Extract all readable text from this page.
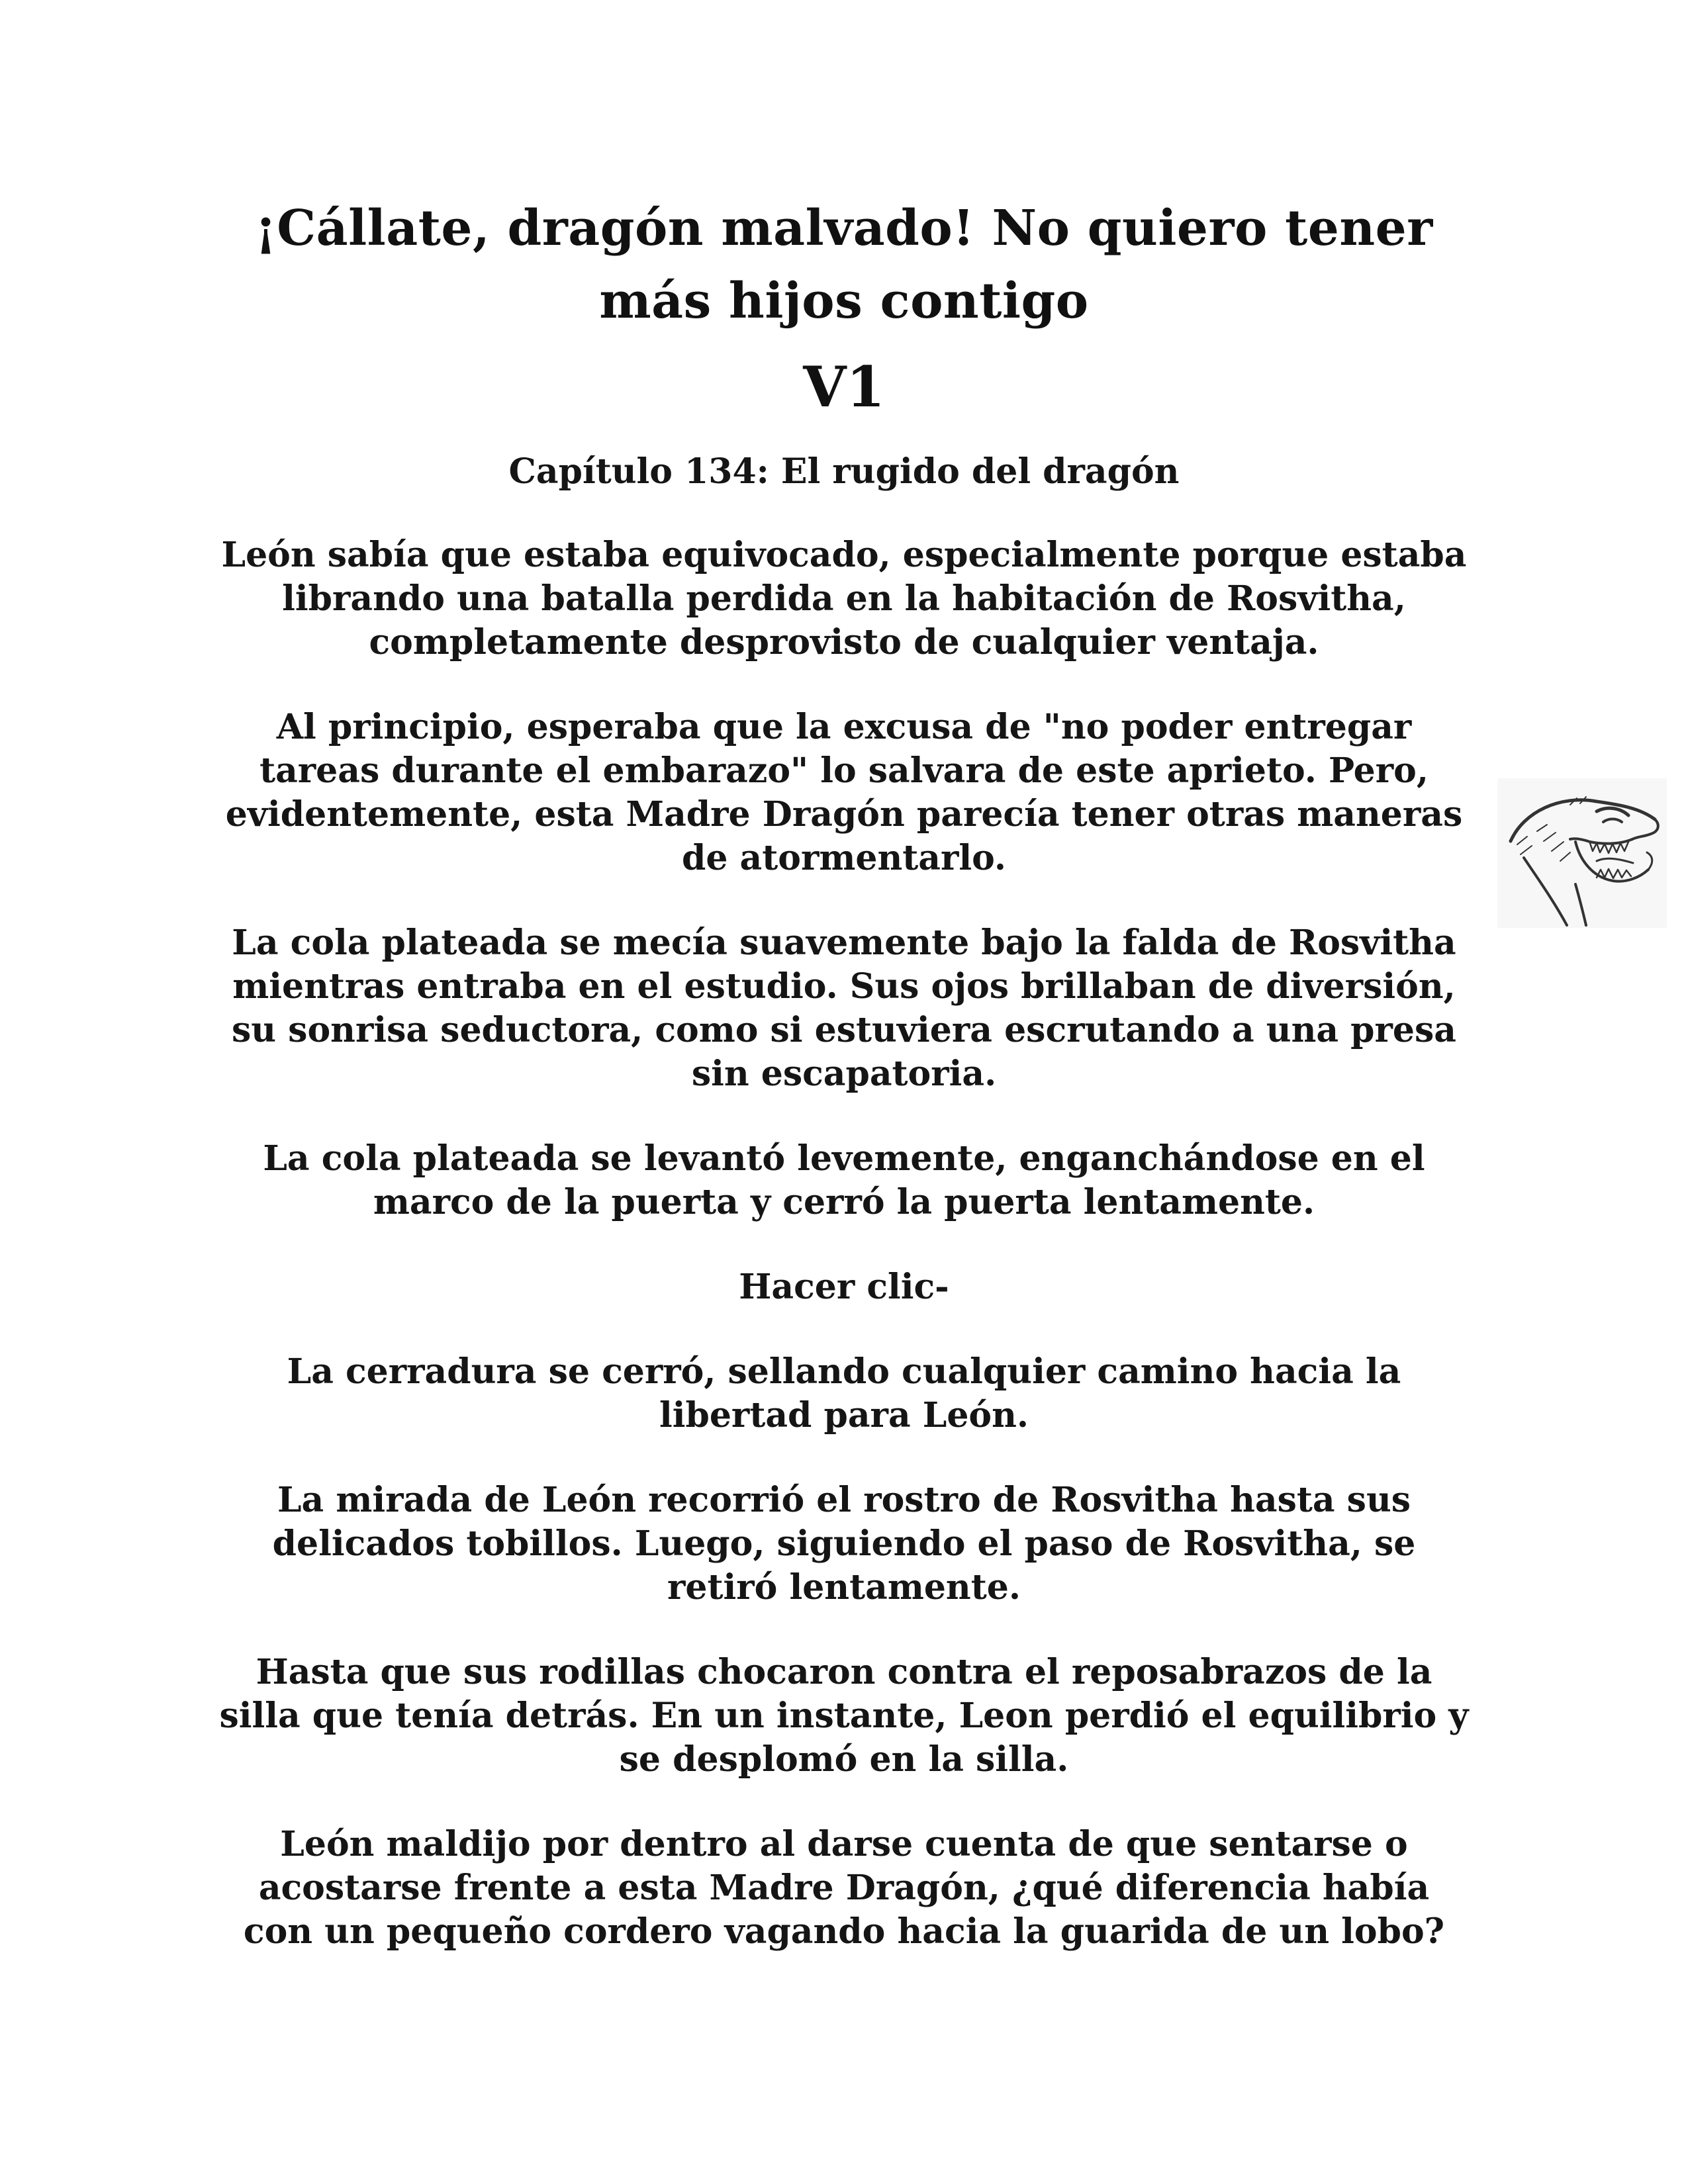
¡Cállate, dragón malvado! No quiero tener más hijos contigo
V1

Capítulo 134: El rugido del dragón

León sabía que estaba equivocado, especialmente porque estaba librando una batalla perdida en la habitación de Rosvitha, completamente desprovisto de cualquier ventaja.

Al principio, esperaba que la excusa de "no poder entregar tareas durante el embarazo" lo salvara de este aprieto. Pero, evidentemente, esta Madre Dragón parecía tener otras maneras de atormentarlo.

La cola plateada se mecía suavemente bajo la falda de Rosvitha mientras entraba en el estudio. Sus ojos brillaban de diversión, su sonrisa seductora, como si estuviera escrutando a una presa sin escapatoria.

La cola plateada se levantó levemente, enganchándose en el marco de la puerta y cerró la puerta lentamente.

Hacer clic-

La cerradura se cerró, sellando cualquier camino hacia la libertad para León.

La mirada de León recorrió el rostro de Rosvitha hasta sus delicados tobillos. Luego, siguiendo el paso de Rosvitha, se retiró lentamente.

Hasta que sus rodillas chocaron contra el reposabrazos de la silla que tenía detrás. En un instante, Leon perdió el equilibrio y se desplomó en la silla.

León maldijo por dentro al darse cuenta de que sentarse o acostarse frente a esta Madre Dragón, ¿qué diferencia había con un pequeño cordero vagando hacia la guarida de un lobo?
